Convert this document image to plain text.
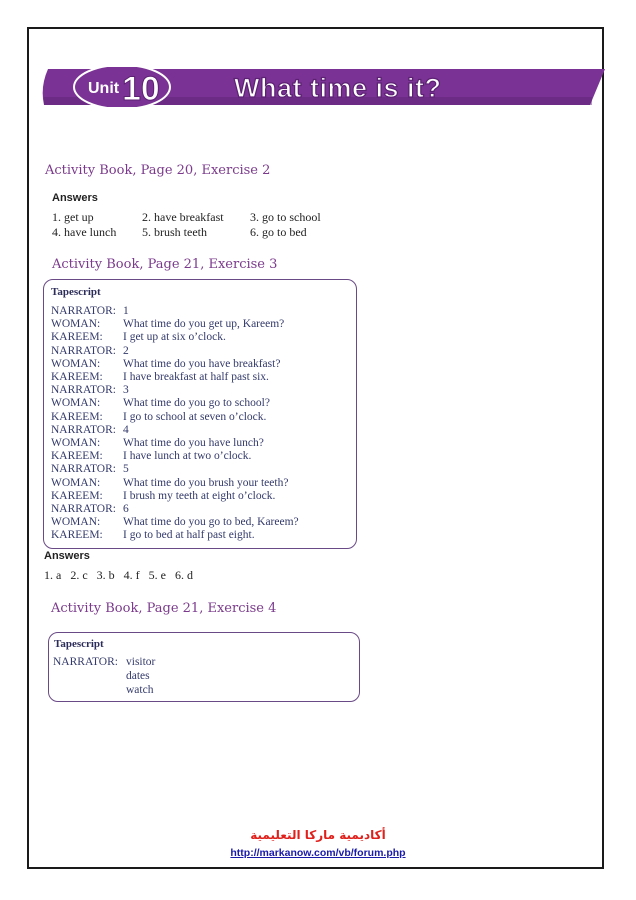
Unit 10	What time is it?
Activity Book, Page 20, Exercise 2
Answers
1. get up	2. have breakfast 3. go to school
4. have lunch 5. brush teeth	6. go to bed
Activity Book, Page 21, Exercise 3
Tapescript
NARRATOR: 1
WOMAN: What time do you get up, Kareem?
KAREEM: I get up at six o’clock.
NARRATOR: 2
WOMAN: What time do you have breakfast?
KAREEM: I have breakfast at half past six.
NARRATOR: 3
WOMAN: What time do you go to school?
KAREEM: I go to school at seven o’clock.
NARRATOR: 4
WOMAN: What time do you have lunch?
KAREEM: I have lunch at two o’clock.
NARRATOR: 5
WOMAN: What time do you brush your teeth?
KAREEM: I brush my teeth at eight o’clock.
NARRATOR: 6
WOMAN: What time do you go to bed, Kareem?
KAREEM: I go to bed at half past eight.
Answers
1. a   2. c   3. b   4. f   5. e   6. d
Activity Book, Page 21, Exercise 4
Tapescript
NARRATOR: visitor
dates
watch
أكاديمية ماركا التعليمية
http://markanow.com/vb/forum.php
